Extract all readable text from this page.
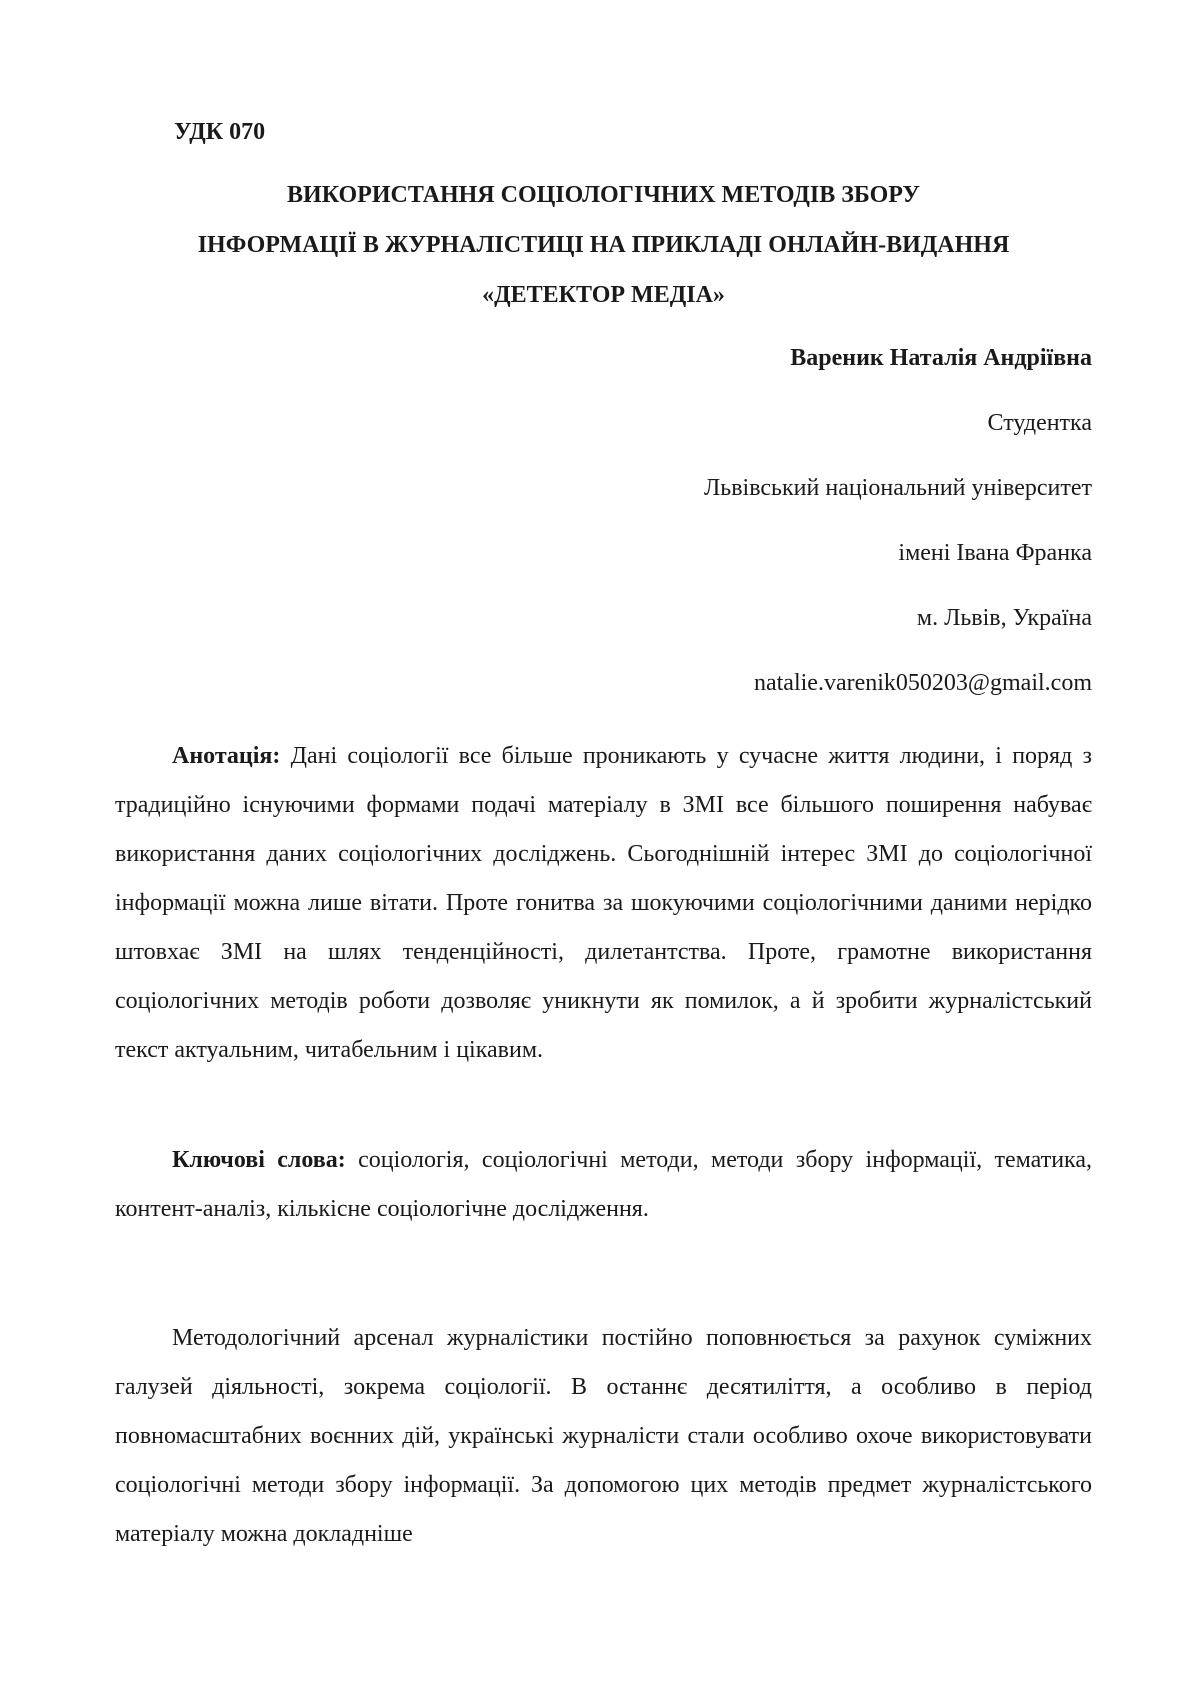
УДК 070
ВИКОРИСТАННЯ СОЦІОЛОГІЧНИХ МЕТОДІВ ЗБОРУ
ІНФОРМАЦІЇ В ЖУРНАЛІСТИЦІ НА ПРИКЛАДІ ОНЛАЙН-ВИДАННЯ
«ДЕТЕКТОР МЕДІА»
Вареник Наталія Андріївна
Студентка
Львівський національний університет
імені Івана Франка
м. Львів, Україна
natalie.varenik050203@gmail.com

Анотація: Дані соціології все більше проникають у сучасне життя людини, і поряд з традиційно існуючими формами подачі матеріалу в ЗМІ все більшого поширення набуває використання даних соціологічних досліджень. Сьогоднішній інтерес ЗМІ до соціологічної інформації можна лише вітати. Проте гонитва за шокуючими соціологічними даними нерідко штовхає ЗМІ на шлях тенденційності, дилетантства. Проте, грамотне використання соціологічних методів роботи дозволяє уникнути як помилок, а й зробити журналістський текст актуальним, читабельним і цікавим.

Ключові слова: соціологія, соціологічні методи, методи збору інформації, тематика, контент-аналіз, кількісне соціологічне дослідження.

Методологічний арсенал журналістики постійно поповнюється за рахунок суміжних галузей діяльності, зокрема соціології. В останнє десятиліття, а особливо в період повномасштабних воєнних дій, українські журналісти стали особливо охоче використовувати соціологічні методи збору інформації. За допомогою цих методів предмет журналістського матеріалу можна докладніше
